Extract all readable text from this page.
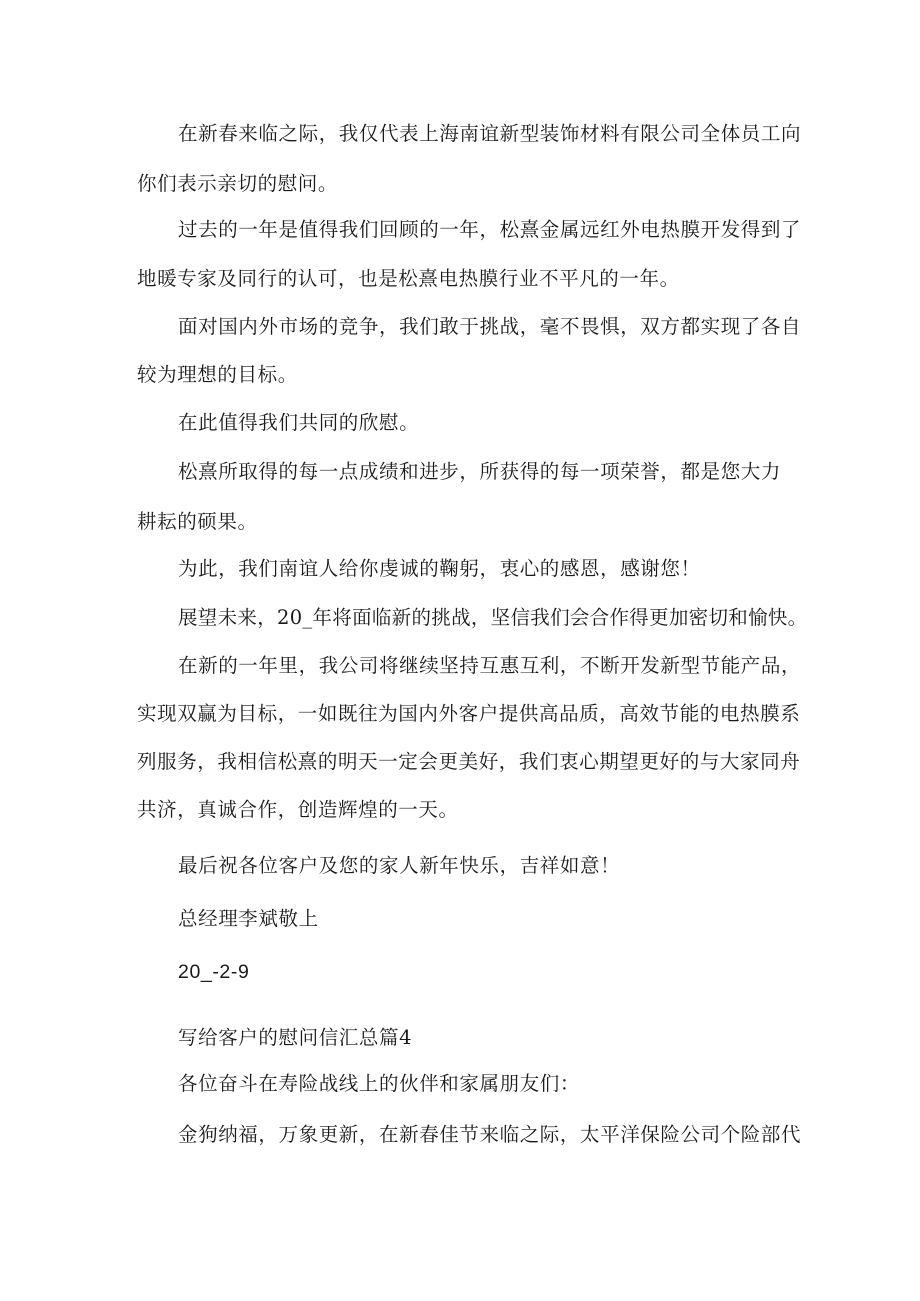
在新春来临之际，我仅代表上海南谊新型装饰材料有限公司全体员工向
你们表示亲切的慰问。
过去的一年是值得我们回顾的一年，松熹金属远红外电热膜开发得到了
地暖专家及同行的认可，也是松熹电热膜行业不平凡的一年。
面对国内外市场的竞争，我们敢于挑战，毫不畏惧，双方都实现了各自
较为理想的目标。
在此值得我们共同的欣慰。
松熹所取得的每一点成绩和进步，所获得的每一项荣誉，都是您大力
耕耘的硕果。
为此，我们南谊人给你虔诚的鞠躬，衷心的感恩，感谢您！
展望未来，20_年将面临新的挑战，坚信我们会合作得更加密切和愉快。
在新的一年里，我公司将继续坚持互惠互利，不断开发新型节能产品，
实现双赢为目标，一如既往为国内外客户提供高品质，高效节能的电热膜系
列服务，我相信松熹的明天一定会更美好，我们衷心期望更好的与大家同舟
共济，真诚合作，创造辉煌的一天。
最后祝各位客户及您的家人新年快乐，吉祥如意！
总经理李斌敬上
20_-2-9
写给客户的慰问信汇总篇4
各位奋斗在寿险战线上的伙伴和家属朋友们：
金狗纳福，万象更新，在新春佳节来临之际，太平洋保险公司个险部代
